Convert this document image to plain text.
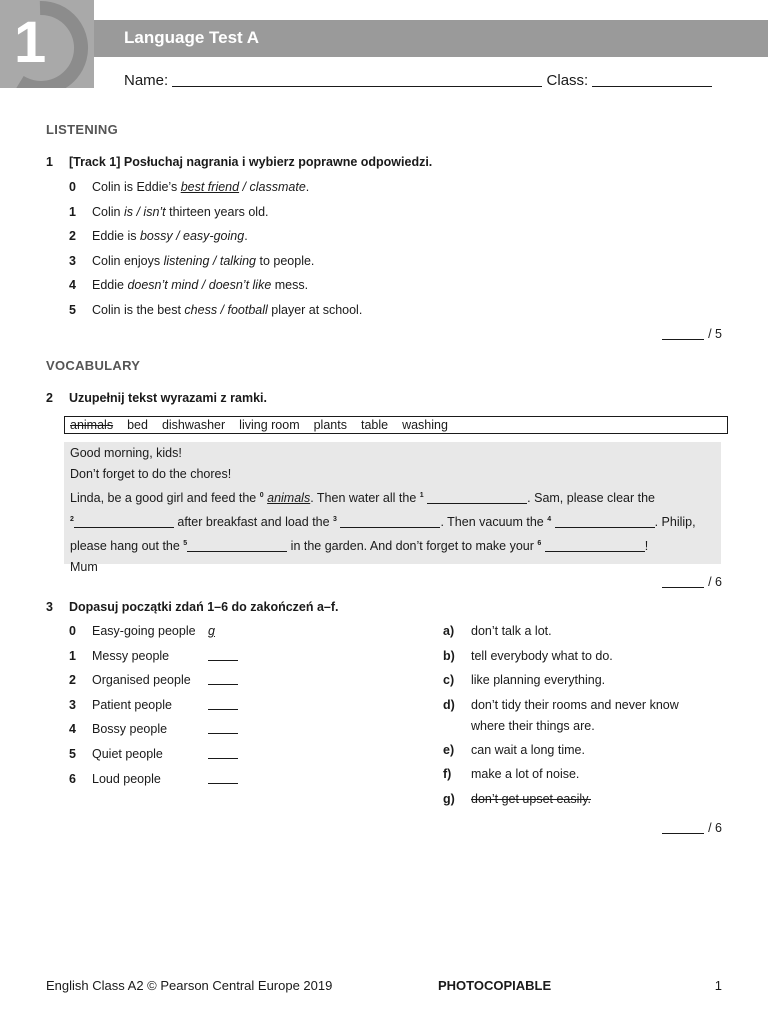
1	Language Test A
Name:	Class:
LISTENING
1 [Track 1] Posłuchaj nagrania i wybierz poprawne odpowiedzi.
0 Colin is Eddie’s best friend / classmate.
1 Colin is / isn’t thirteen years old.
2 Eddie is bossy / easy-going.
3 Colin enjoys listening / talking to people.
4 Eddie doesn’t mind / doesn’t like mess.
5 Colin is the best chess / football player at school.
/ 5
VOCABULARY
2 Uzupełnij tekst wyrazami z ramki.
animals bed dishwasher living room plants table washing
Good morning, kids!
Don’t forget to do the chores!
Linda, be a good girl and feed the $^0$ animals. Then water all the $^1$	. Sam, please clear the
$^2$	after breakfast and load the $^3$	. Then vacuum the $^4$	. Philip,
please hang out the $^5$	in the garden. And don’t forget to make your $^6$	!
Mum
/ 6
3 Dopasuj początki zdań 1–6 do zakończeń a–f.
0 Easy-going people g
1 Messy people
2 Organised people
3 Patient people
4 Bossy people
5 Quiet people
6 Loud people
a) don’t talk a lot.
b) tell everybody what to do.
c) like planning everything.
d) don’t tidy their rooms and never know
where their things are.
e) can wait a long time.
f) make a lot of noise.
g) don’t get upset easily.
/ 6
English Class A2 © Pearson Central Europe 2019	PHOTOCOPIABLE	1
